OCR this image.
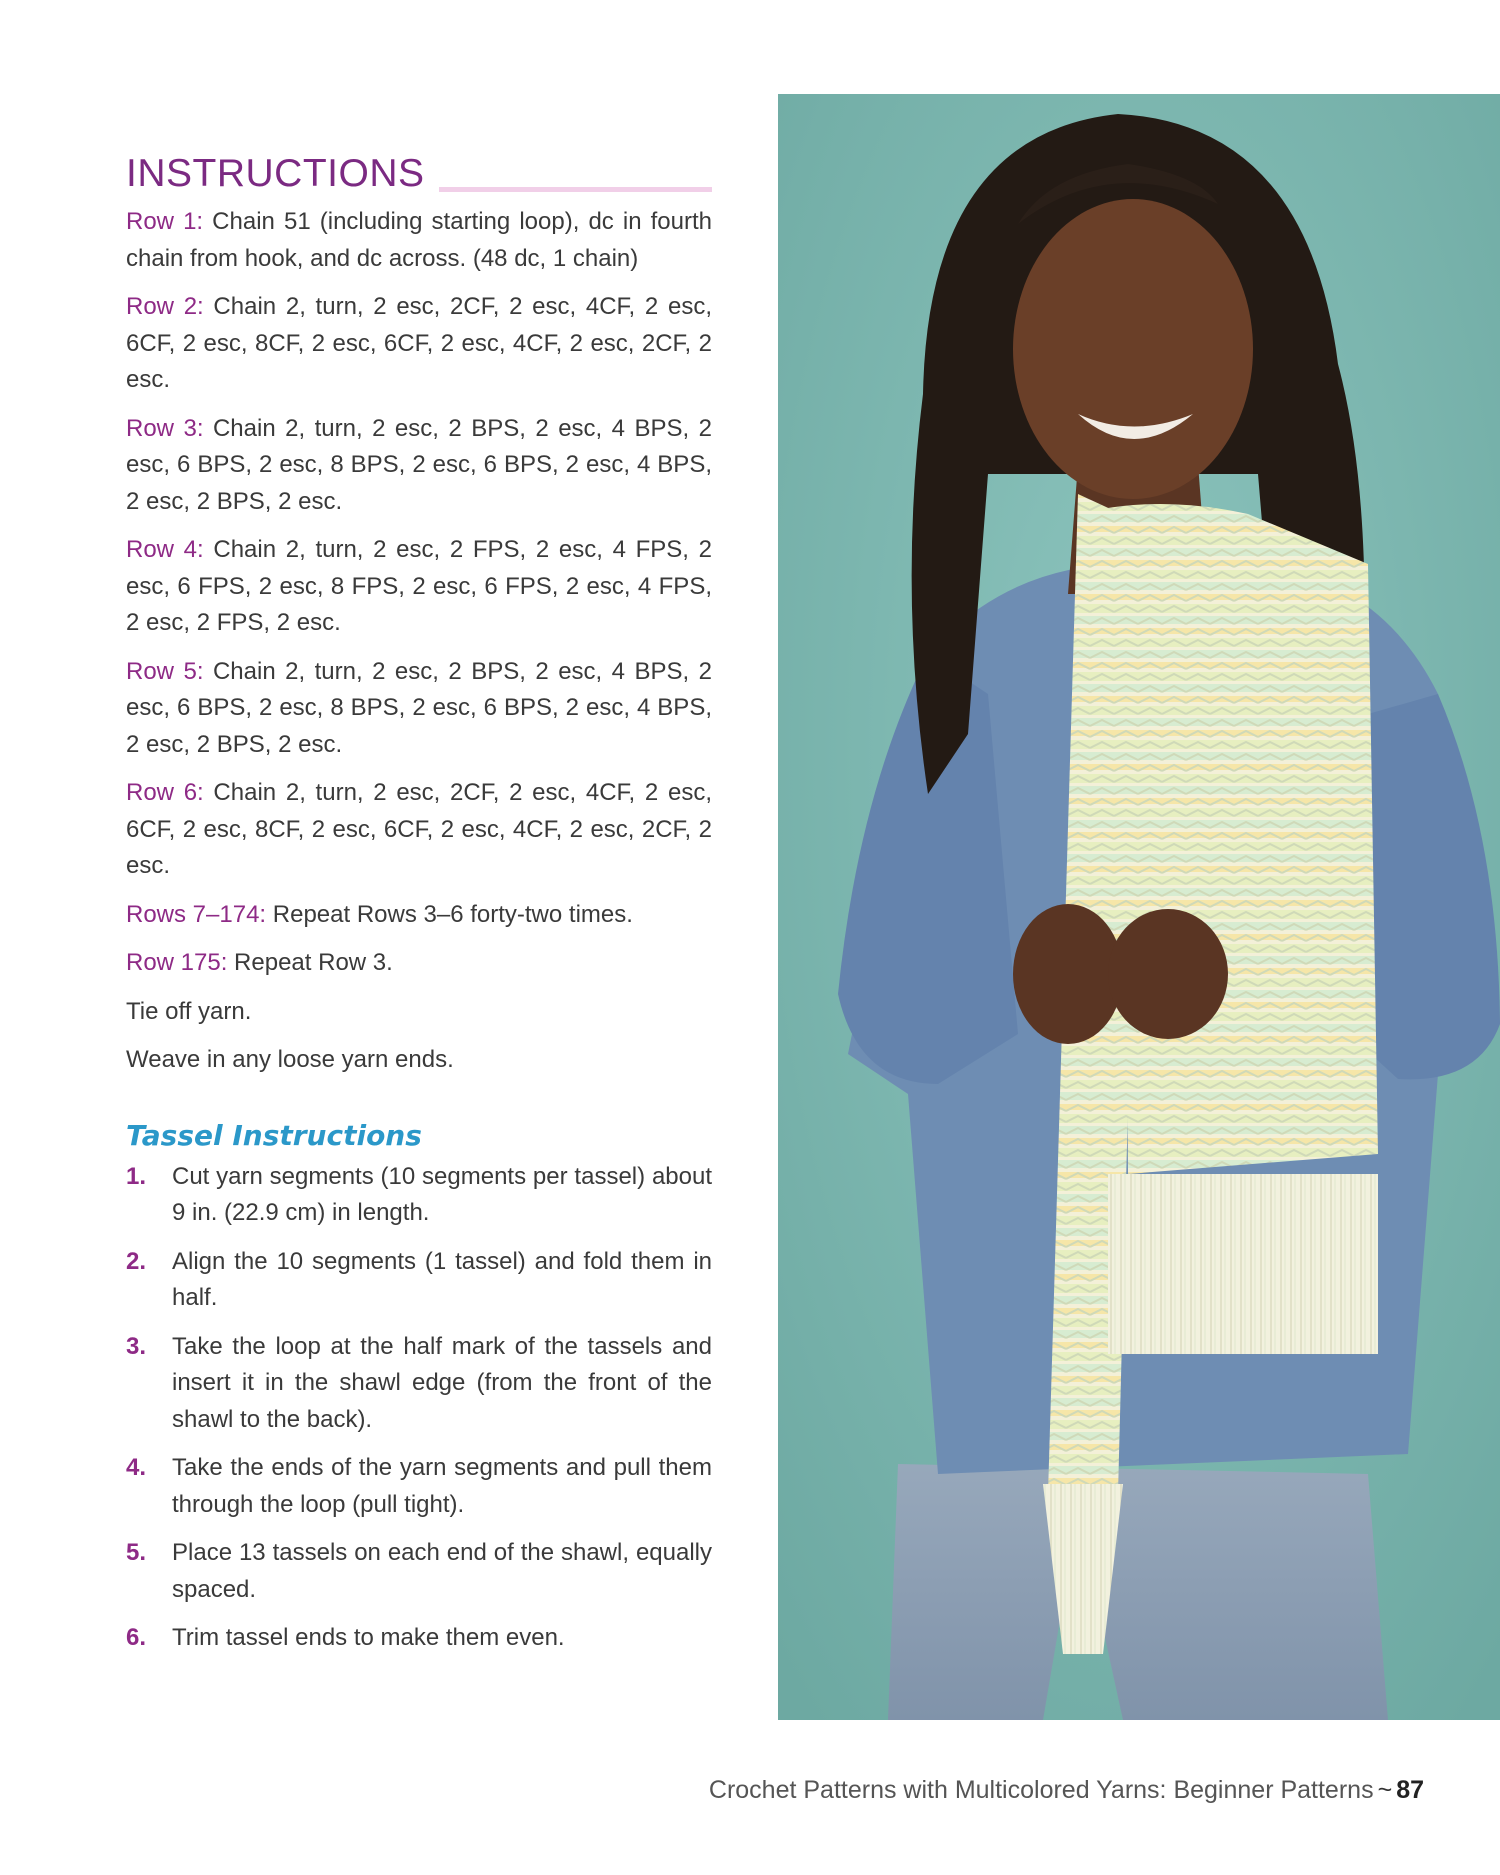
INSTRUCTIONS

Row 1: Chain 51 (including starting loop), dc in fourth chain from hook, and dc across. (48 dc, 1 chain)

Row 2: Chain 2, turn, 2 esc, 2CF, 2 esc, 4CF, 2 esc, 6CF, 2 esc, 8CF, 2 esc, 6CF, 2 esc, 4CF, 2 esc, 2CF, 2 esc.

Row 3: Chain 2, turn, 2 esc, 2 BPS, 2 esc, 4 BPS, 2 esc, 6 BPS, 2 esc, 8 BPS, 2 esc, 6 BPS, 2 esc, 4 BPS, 2 esc, 2 BPS, 2 esc.

Row 4: Chain 2, turn, 2 esc, 2 FPS, 2 esc, 4 FPS, 2 esc, 6 FPS, 2 esc, 8 FPS, 2 esc, 6 FPS, 2 esc, 4 FPS, 2 esc, 2 FPS, 2 esc.

Row 5: Chain 2, turn, 2 esc, 2 BPS, 2 esc, 4 BPS, 2 esc, 6 BPS, 2 esc, 8 BPS, 2 esc, 6 BPS, 2 esc, 4 BPS, 2 esc, 2 BPS, 2 esc.

Row 6: Chain 2, turn, 2 esc, 2CF, 2 esc, 4CF, 2 esc, 6CF, 2 esc, 8CF, 2 esc, 6CF, 2 esc, 4CF, 2 esc, 2CF, 2 esc.

Rows 7–174: Repeat Rows 3–6 forty-two times.

Row 175: Repeat Row 3.

Tie off yarn.

Weave in any loose yarn ends.

Tassel Instructions
1.	Cut yarn segments (10 segments per tassel) about 9 in. (22.9 cm) in length.
2.	Align the 10 segments (1 tassel) and fold them in half.
3.	Take the loop at the half mark of the tassels and insert it in the shawl edge (from the front of the shawl to the back).
4.	Take the ends of the yarn segments and pull them through the loop (pull tight).
5.	Place 13 tassels on each end of the shawl, equally spaced.
6.	Trim tassel ends to make them even.
Crochet Patterns with Multicolored Yarns: Beginner Patterns ~ 87
